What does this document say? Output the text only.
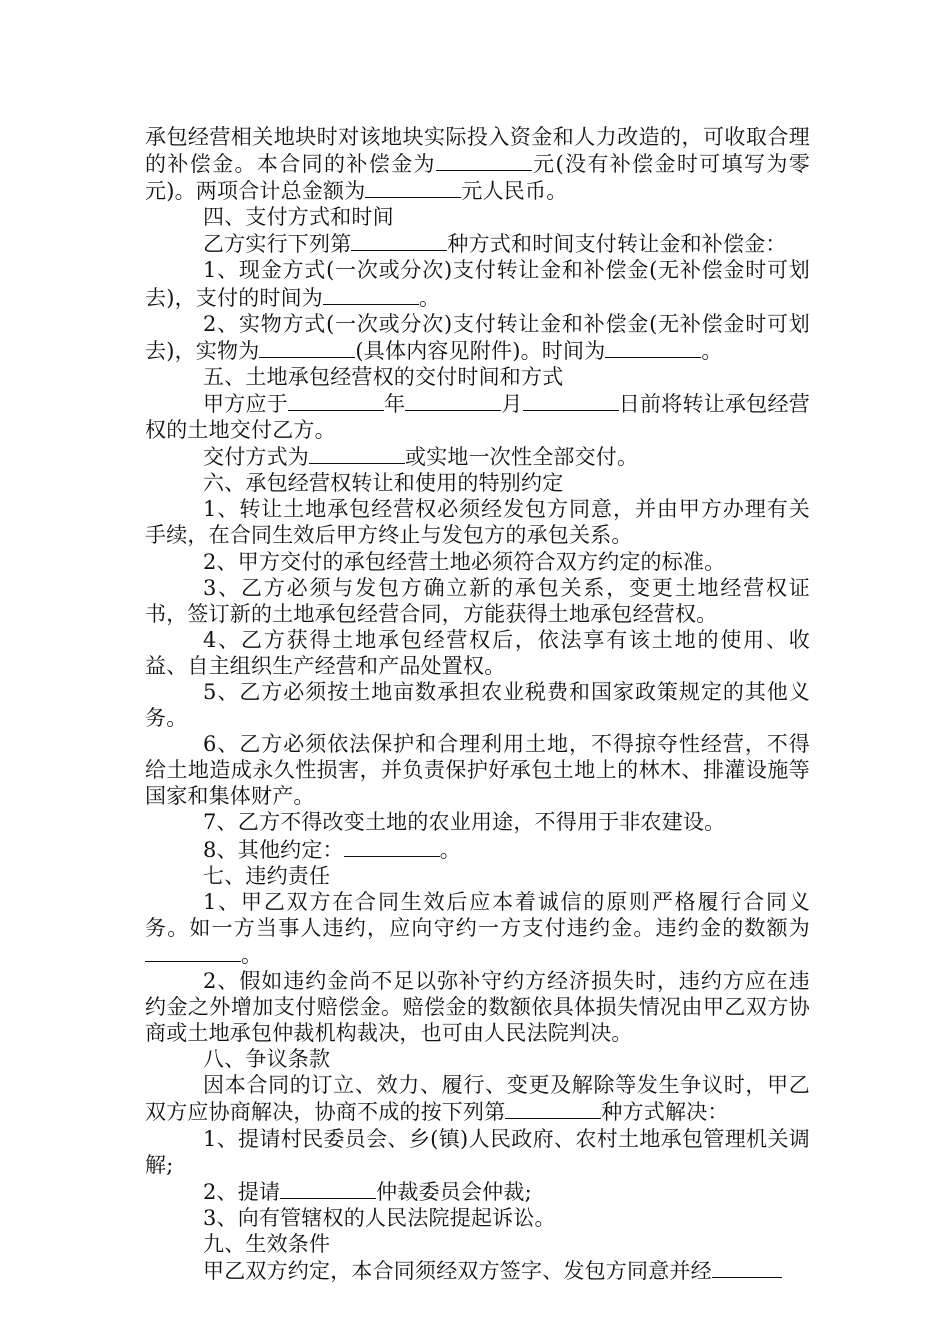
承包经营相关地块时对该地块实际投入资金和人力改造的，可收取合理的补偿金。本合同的补偿金为	元(没有补偿金时可填写为零元)。两项合计总金额为	元人民币。

四、支付方式和时间

乙方实行下列第	种方式和时间支付转让金和补偿金：

1、现金方式(一次或分次)支付转让金和补偿金(无补偿金时可划去)，支付的时间为	。

2、实物方式(一次或分次)支付转让金和补偿金(无补偿金时可划去)，实物为	(具体内容见附件)。时间为	。

五、土地承包经营权的交付时间和方式

甲方应于	年	月	日前将转让承包经营权的土地交付乙方。

交付方式为	或实地一次性全部交付。

六、承包经营权转让和使用的特别约定

1、转让土地承包经营权必须经发包方同意，并由甲方办理有关手续，在合同生效后甲方终止与发包方的承包关系。

2、甲方交付的承包经营土地必须符合双方约定的标准。

3、乙方必须与发包方确立新的承包关系，变更土地经营权证书，签订新的土地承包经营合同，方能获得土地承包经营权。

4、乙方获得土地承包经营权后，依法享有该土地的使用、收益、自主组织生产经营和产品处置权。

5、乙方必须按土地亩数承担农业税费和国家政策规定的其他义务。

6、乙方必须依法保护和合理利用土地，不得掠夺性经营，不得给土地造成永久性损害，并负责保护好承包土地上的林木、排灌设施等国家和集体财产。

7、乙方不得改变土地的农业用途，不得用于非农建设。

8、其他约定：	。

七、违约责任

1、甲乙双方在合同生效后应本着诚信的原则严格履行合同义务。如一方当事人违约，应向守约一方支付违约金。违约金的数额为。

2、假如违约金尚不足以弥补守约方经济损失时，违约方应在违约金之外增加支付赔偿金。赔偿金的数额依具体损失情况由甲乙双方协商或土地承包仲裁机构裁决，也可由人民法院判决。

八、争议条款

因本合同的订立、效力、履行、变更及解除等发生争议时，甲乙双方应协商解决，协商不成的按下列第	种方式解决：

1、提请村民委员会、乡(镇)人民政府、农村土地承包管理机关调解;

2、提请	仲裁委员会仲裁;

3、向有管辖权的人民法院提起诉讼。

九、生效条件

甲乙双方约定，本合同须经双方签字、发包方同意并经
